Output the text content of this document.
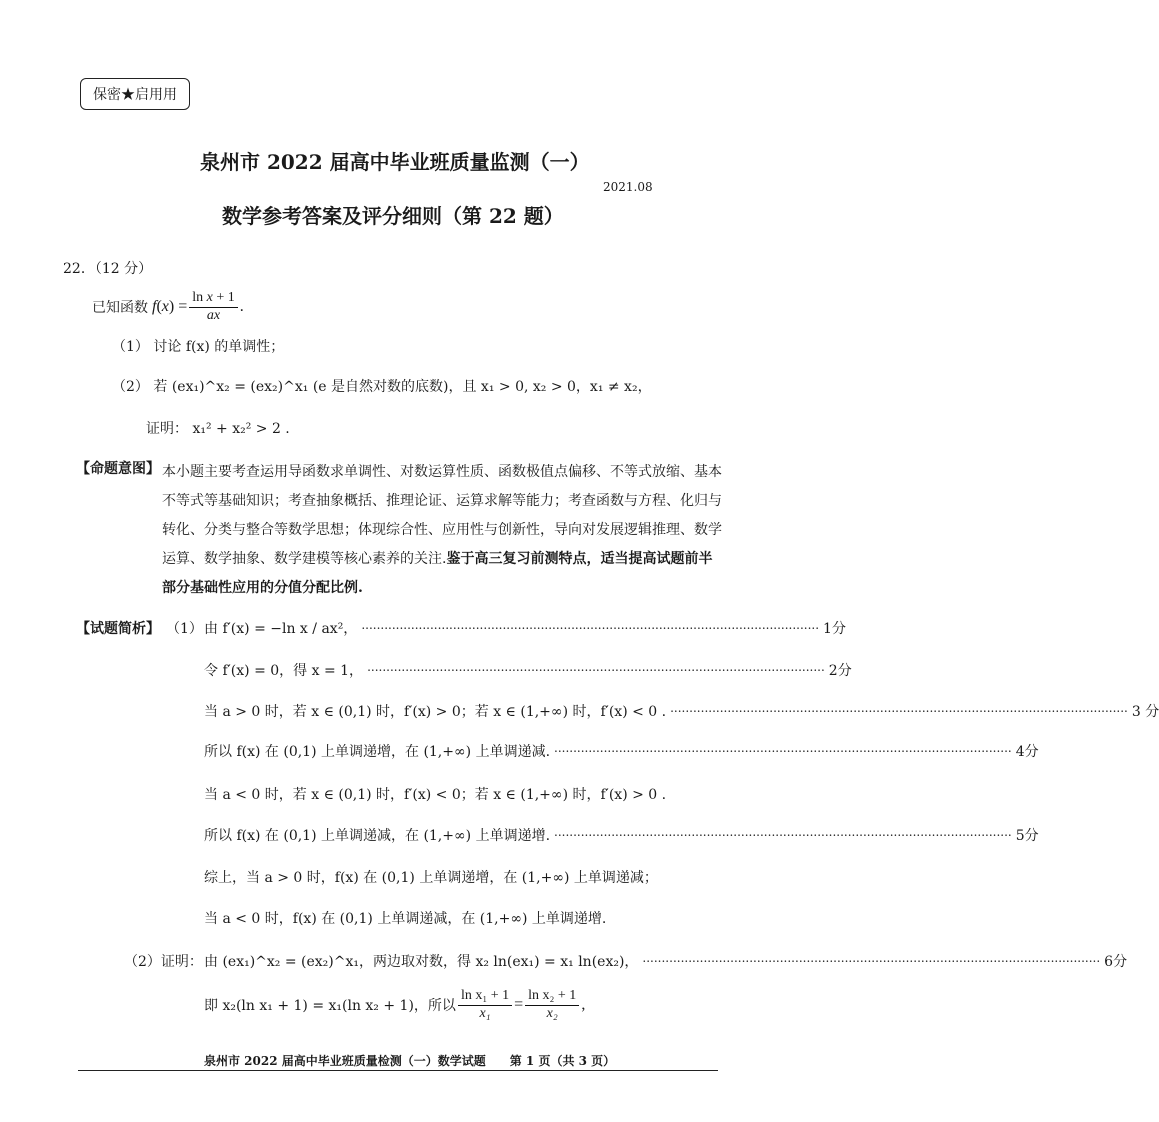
保密★启用用
泉州市 2022 届高中毕业班质量监测（一）
2021.08
数学参考答案及评分细则（第 22 题）
22．（12 分）
已知函数 f ( x ) = $\frac{\text{ln x + 1}}{ax}$ .
（1） 讨论 f(x) 的单调性；
（2） 若 (ex₁)^x₂ = (ex₂)^x₁ (e 是自然对数的底数)，且 x₁ > 0, x₂ > 0，x₁ ≠ x₂，
证明： x₁² + x₂² > 2 .
【命题意图】 本小题主要考查运用导函数求单调性、对数运算性质、函数极值点偏移、不等式放缩、基本
不等式等基础知识；考查抽象概括、推理论证、运算求解等能力；考查函数与方程、化归与
转化、分类与整合等数学思想；体现综合性、应用性与创新性，导向对发展逻辑推理、数学
运算、数学抽象、数学建模等核心素养的关注.鉴于高三复习前测特点，适当提高试题前半
部分基础性应用的分值分配比例.
【试题简析】 （1） 由 f′(x) = −ln x / ax²， ........................................................................................................................ 1分
令 f′(x) = 0，得 x = 1， ........................................................................................................................ 2分
当 a > 0 时，若 x ∈ (0,1) 时，f′(x) > 0；若 x ∈ (1,+∞) 时，f′(x) < 0 . ........................................................................................................................ 3 分
所以 f(x) 在 (0,1) 上单调递增，在 (1,+∞) 上单调递减. ........................................................................................................................ 4分
当 a < 0 时，若 x ∈ (0,1) 时，f′(x) < 0；若 x ∈ (1,+∞) 时，f′(x) > 0 .
所以 f(x) 在 (0,1) 上单调递减，在 (1,+∞) 上单调递增. ........................................................................................................................ 5分
综上，当 a > 0 时，f(x) 在 (0,1) 上单调递增，在 (1,+∞) 上单调递减；
当 a < 0 时，f(x) 在 (0,1) 上单调递减，在 (1,+∞) 上单调递增.
（2）证明： 由 (ex₁)^x₂ = (ex₂)^x₁，两边取对数，得 x₂ ln(ex₁) = x₁ ln(ex₂)， ........................................................................................................................ 6分
即 x₂(ln x₁ + 1) = x₁(ln x₂ + 1)，所以 $\frac{\text{ln x₁ + 1}}{\text{x₁}} = \frac{\text{ln x₂ + 1}}{\text{x₂}}$ ,
泉州市 2022 届高中毕业班质量检测（一）数学试题　　第 1 页（共 3 页）
